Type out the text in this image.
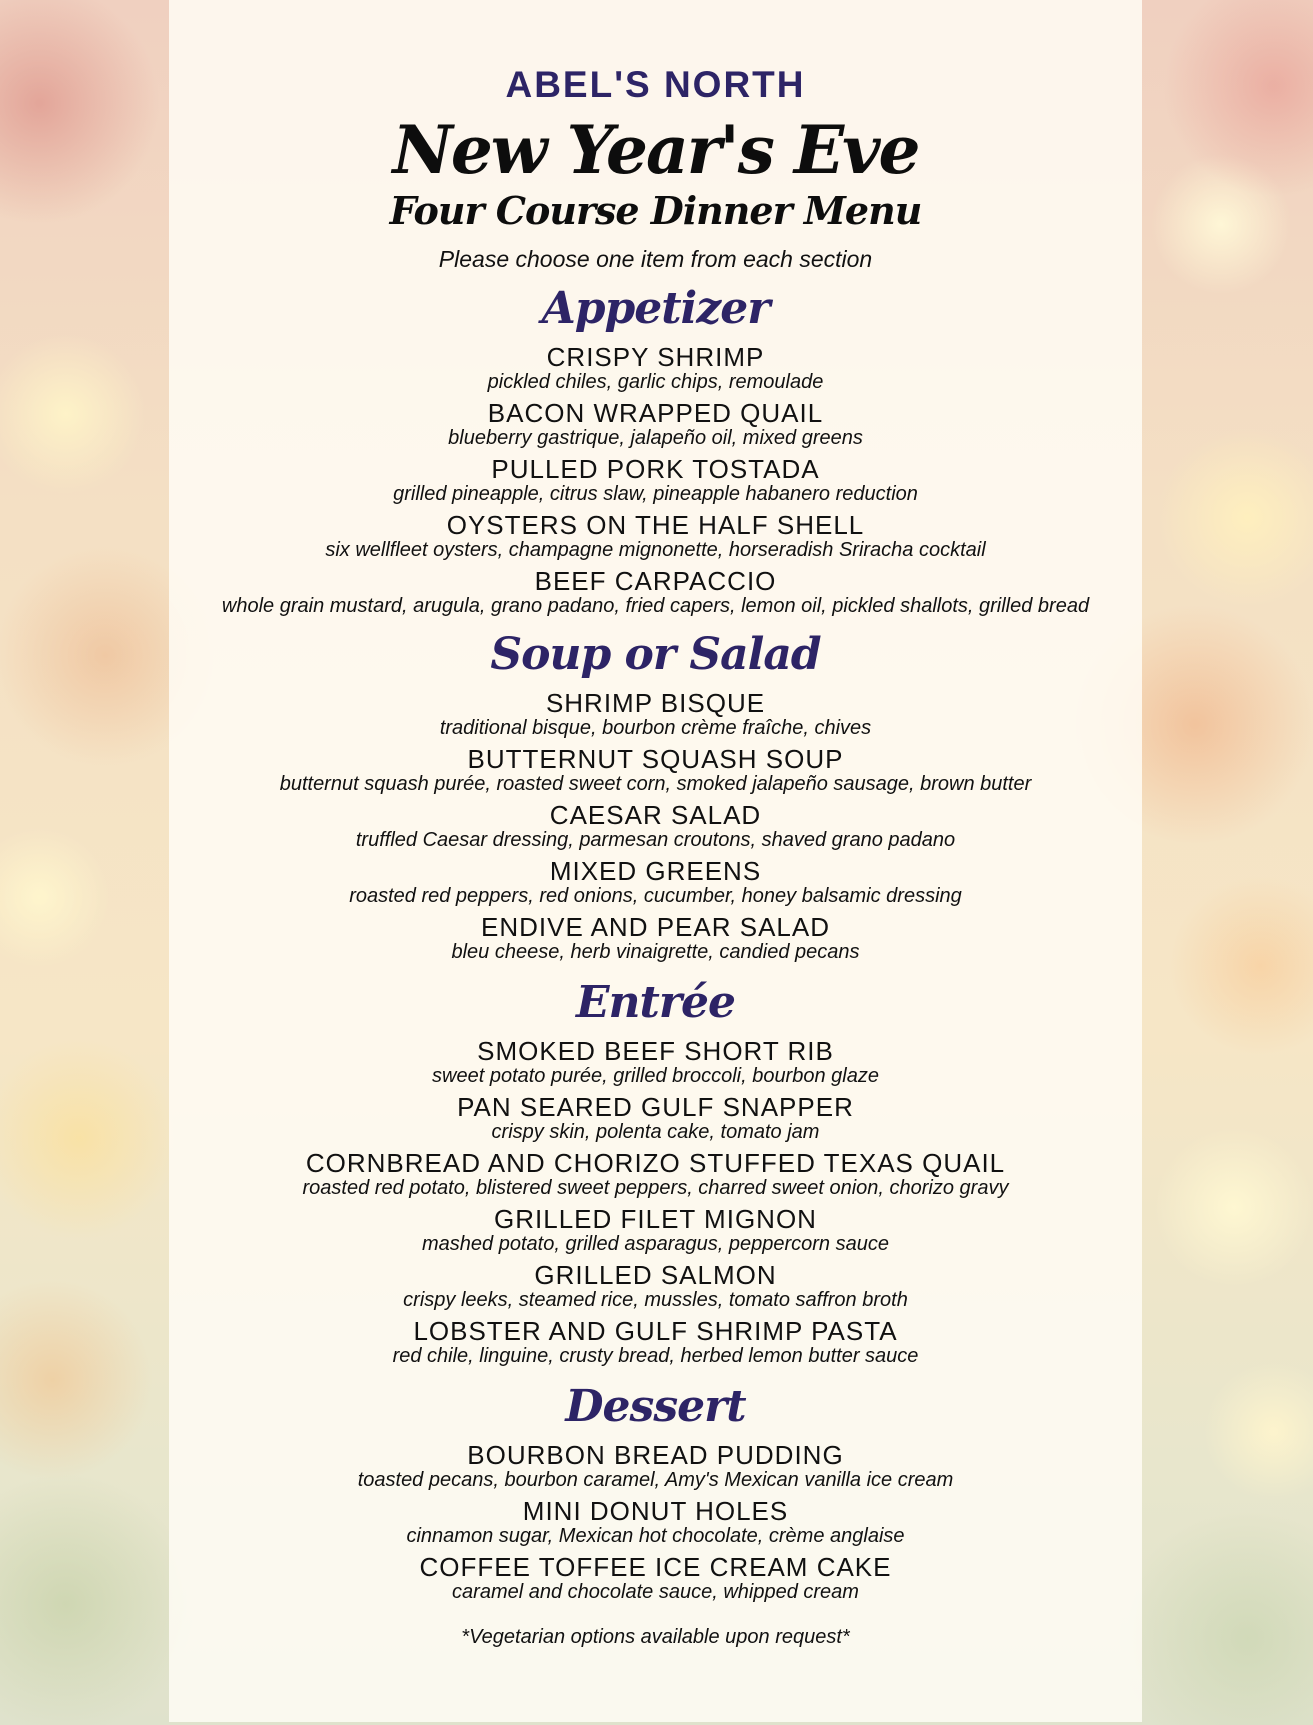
ABEL'S NORTH
New Year's Eve
Four Course Dinner Menu
Please choose one item from each section
Appetizer
CRISPY SHRIMP
pickled chiles, garlic chips, remoulade
BACON WRAPPED QUAIL
blueberry gastrique, jalapeño oil, mixed greens
PULLED PORK TOSTADA
grilled pineapple, citrus slaw, pineapple habanero reduction
OYSTERS ON THE HALF SHELL
six wellfleet oysters, champagne mignonette, horseradish Sriracha cocktail
BEEF CARPACCIO
whole grain mustard, arugula, grano padano, fried capers, lemon oil, pickled shallots, grilled bread
Soup or Salad
SHRIMP BISQUE
traditional bisque, bourbon crème fraîche, chives
BUTTERNUT SQUASH SOUP
butternut squash purée, roasted sweet corn, smoked jalapeño sausage, brown butter
CAESAR SALAD
truffled Caesar dressing, parmesan croutons, shaved grano padano
MIXED GREENS
roasted red peppers, red onions, cucumber, honey balsamic dressing
ENDIVE AND PEAR SALAD
bleu cheese, herb vinaigrette, candied pecans
Entrée
SMOKED BEEF SHORT RIB
sweet potato purée, grilled broccoli, bourbon glaze
PAN SEARED GULF SNAPPER
crispy skin, polenta cake, tomato jam
CORNBREAD AND CHORIZO STUFFED TEXAS QUAIL
roasted red potato, blistered sweet peppers, charred sweet onion, chorizo gravy
GRILLED FILET MIGNON
mashed potato, grilled asparagus, peppercorn sauce
GRILLED SALMON
crispy leeks, steamed rice, mussles, tomato saffron broth
LOBSTER AND GULF SHRIMP PASTA
red chile, linguine, crusty bread, herbed lemon butter sauce
Dessert
BOURBON BREAD PUDDING
toasted pecans, bourbon caramel, Amy's Mexican vanilla ice cream
MINI DONUT HOLES
cinnamon sugar, Mexican hot chocolate, crème anglaise
COFFEE TOFFEE ICE CREAM CAKE
caramel and chocolate sauce, whipped cream
*Vegetarian options available upon request*
